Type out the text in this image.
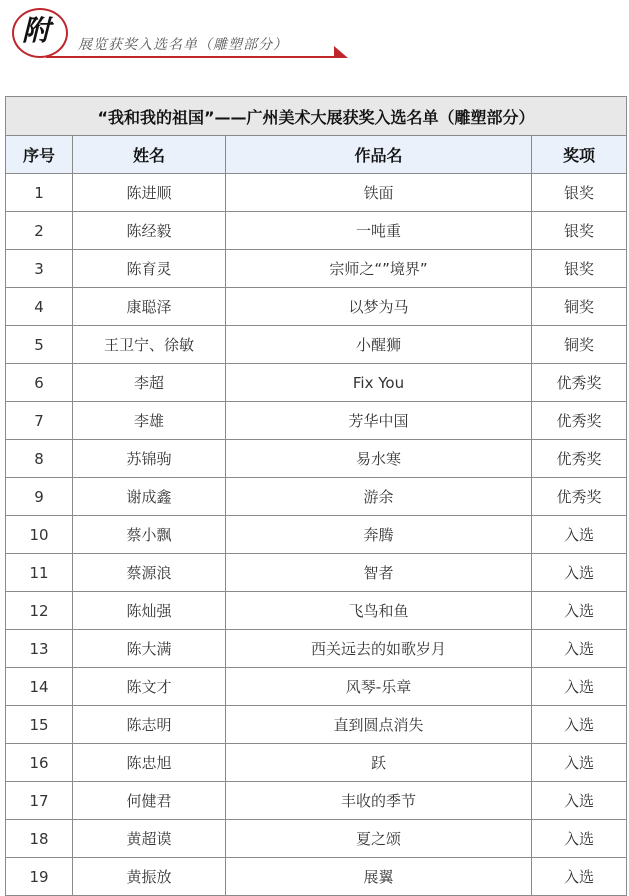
附 展览获奖入选名单（雕塑部分）
“我和我的祖国”——广州美术大展获奖入选名单（雕塑部分）			
序号	姓名	作品名	奖项
1	陈进顺	铁面	银奖
2	陈经毅	一吨重	银奖
3	陈育灵	宗师之“”境界”	银奖
4	康聪泽	以梦为马	铜奖
5	王卫宁、徐敏	小醒狮	铜奖
6	李超	Fix You	优秀奖
7	李雄	芳华中国	优秀奖
8	苏锦驹	易水寒	优秀奖
9	谢成鑫	游余	优秀奖
10	蔡小飘	奔腾	入选
11	蔡源浪	智者	入选
12	陈灿强	飞鸟和鱼	入选
13	陈大满	西关远去的如歌岁月	入选
14	陈文才	风琴-乐章	入选
15	陈志明	直到圆点消失	入选
16	陈忠旭	跃	入选
17	何健君	丰收的季节	入选
18	黄超谟	夏之颂	入选
19	黄振放	展翼	入选
